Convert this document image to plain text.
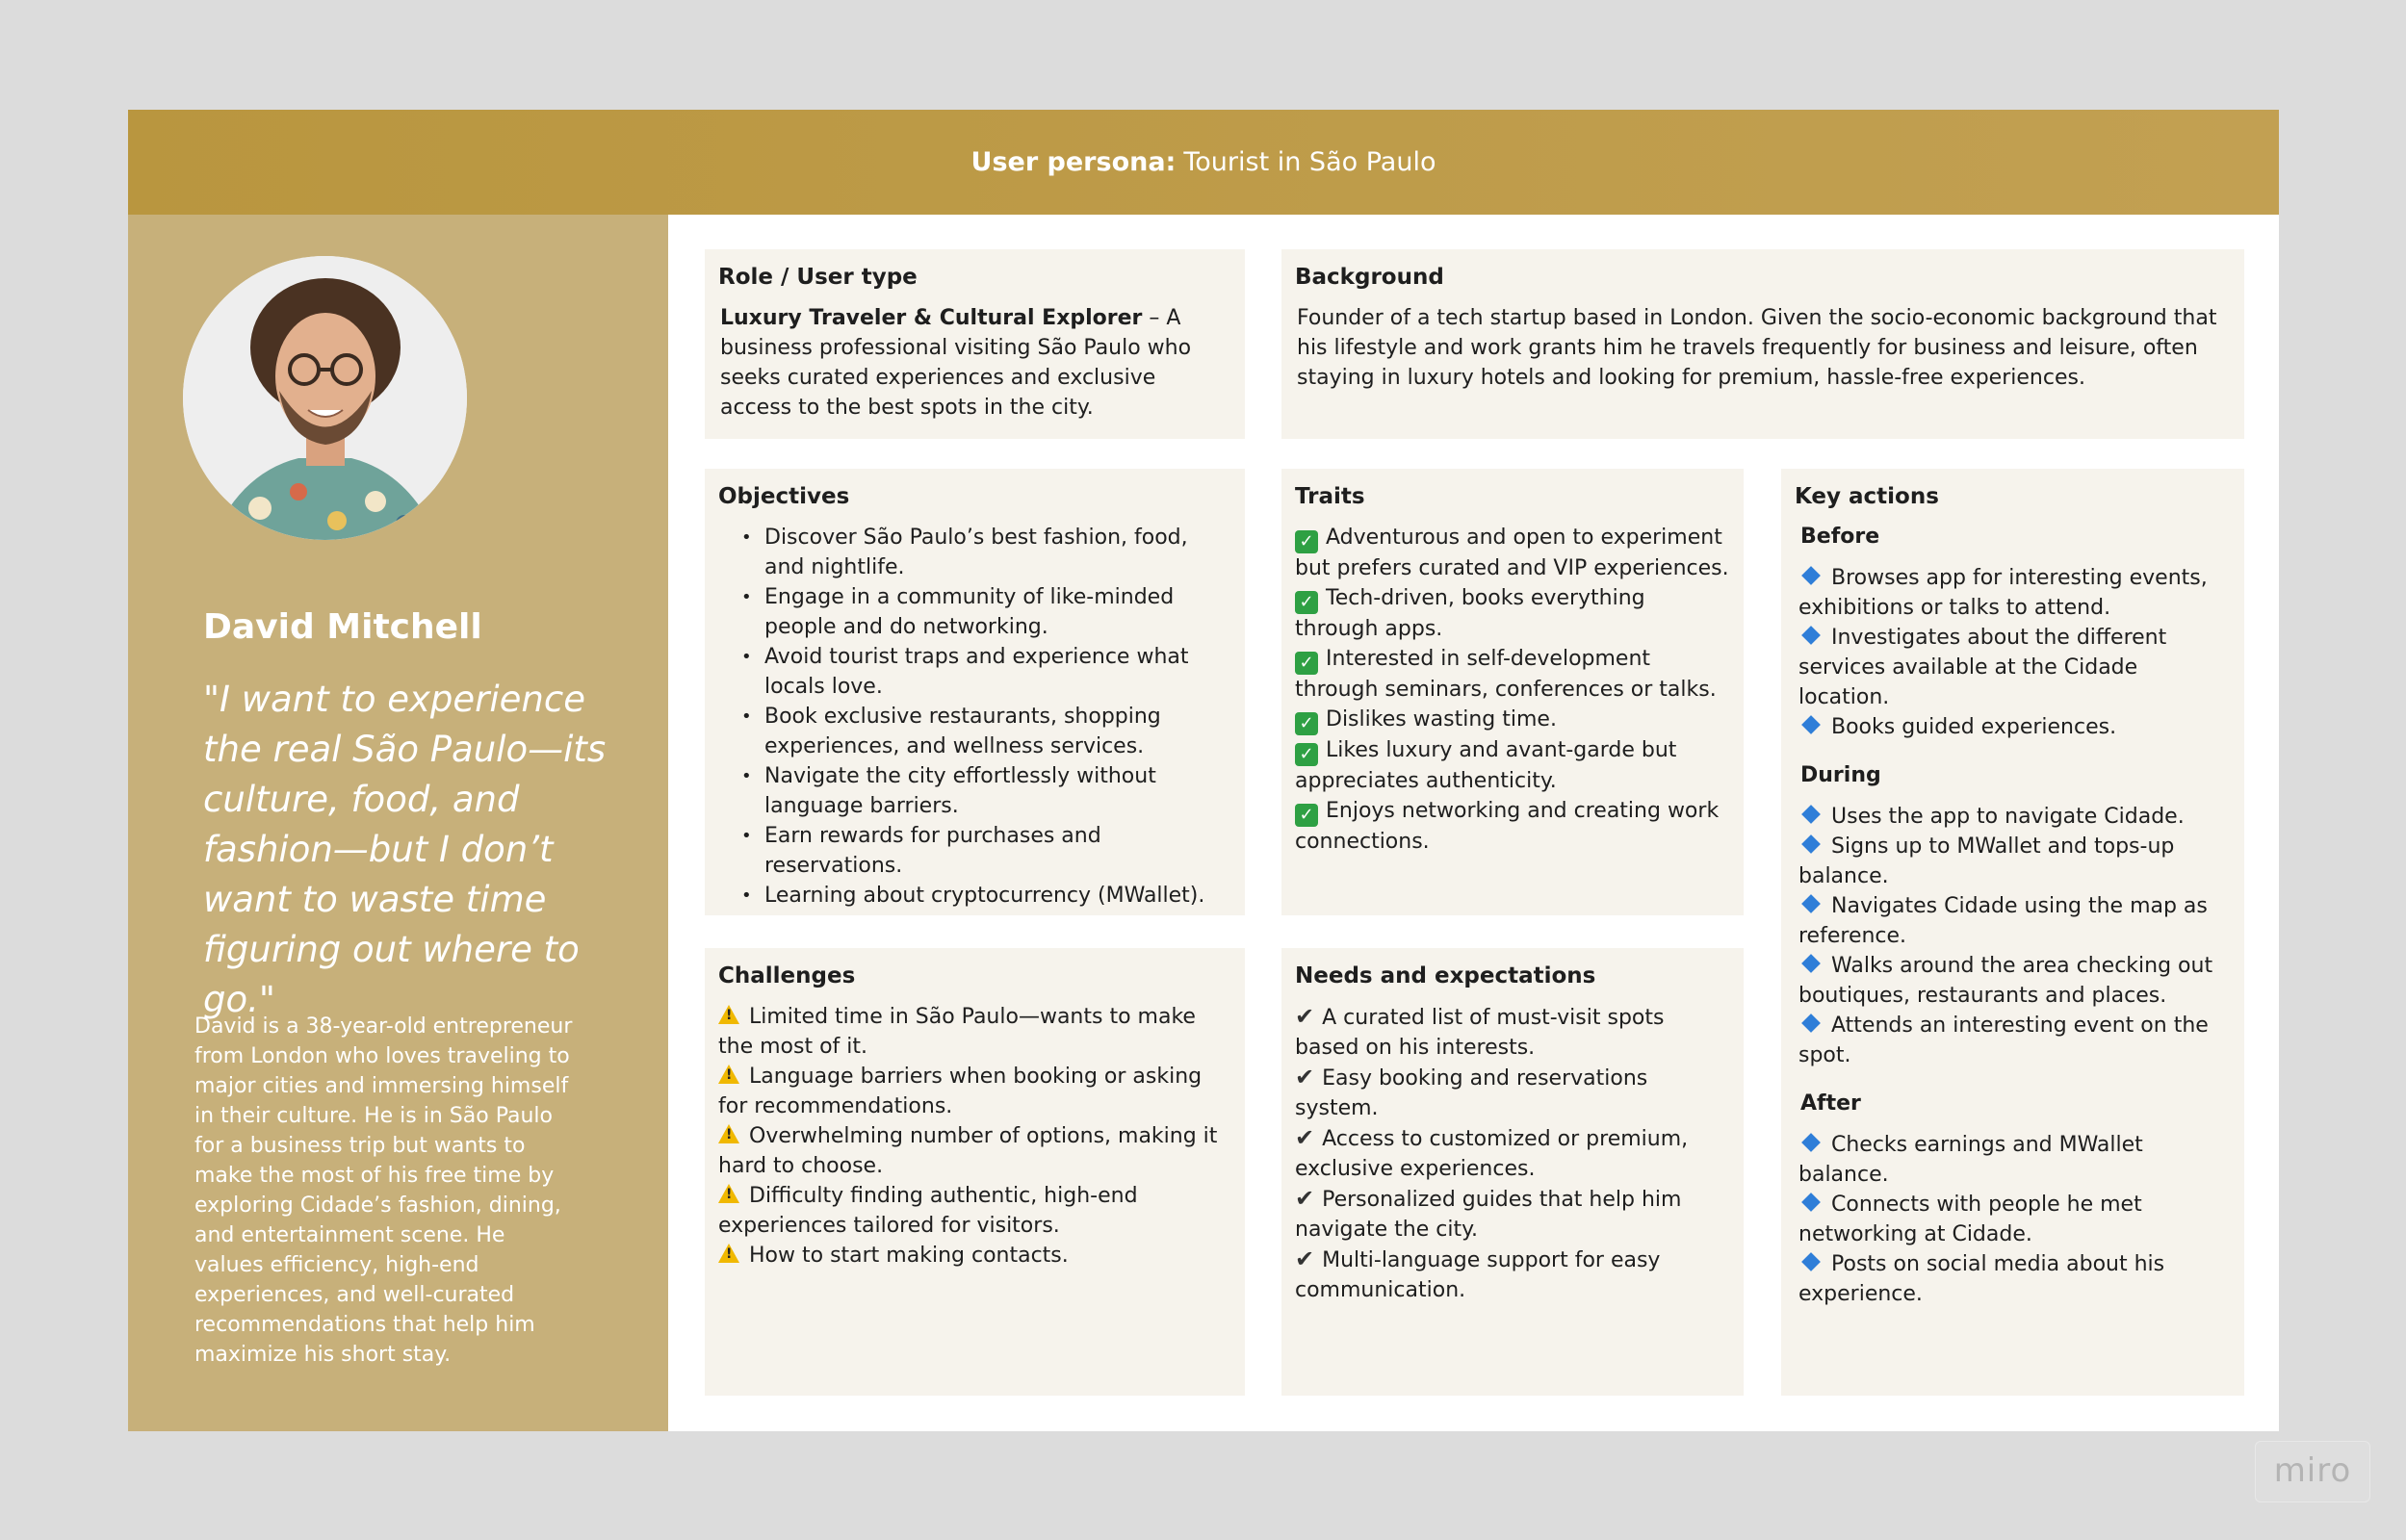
User persona: Tourist in São Paulo
David Mitchell
"I want to experience the real São Paulo—its culture, food, and fashion—but I don’t want to waste time figuring out where to go."
David is a 38-year-old entrepreneur from London who loves traveling to major cities and immersing himself in their culture. He is in São Paulo for a business trip but wants to make the most of his free time by exploring Cidade’s fashion, dining, and entertainment scene. He values efficiency, high-end experiences, and well-curated recommendations that help him maximize his short stay.
Role / User type

Luxury Traveler & Cultural Explorer – A business professional visiting São Paulo who seeks curated experiences and exclusive access to the best spots in the city.

Background

Founder of a tech startup based in London. Given the socio-economic background that his lifestyle and work grants him he travels frequently for business and leisure, often staying in luxury hotels and looking for premium, hassle-free experiences.

Objectives
• Discover São Paulo’s best fashion, food, and nightlife.
• Engage in a community of like-minded people and do networking.
• Avoid tourist traps and experience what locals love.
• Book exclusive restaurants, shopping experiences, and wellness services.
• Navigate the city effortlessly without language barriers.
• Earn rewards for purchases and reservations.
• Learning about cryptocurrency (MWallet).
Traits
✓ Adventurous and open to experiment but prefers curated and VIP experiences.
✓ Tech-driven, books everything through apps.
✓ Interested in self-development through seminars, conferences or talks.
✓ Dislikes wasting time.
✓ Likes luxury and avant-garde but appreciates authenticity.
✓ Enjoys networking and creating work connections.
Key actions
Before
Browses app for interesting events, exhibitions or talks to attend.
Investigates about the different services available at the Cidade location.
Books guided experiences.
During
Uses the app to navigate Cidade.
Signs up to MWallet and tops-up balance.
Navigates Cidade using the map as reference.
Walks around the area checking out boutiques, restaurants and places.
Attends an interesting event on the spot.
After
Checks earnings and MWallet balance.
Connects with people he met networking at Cidade.
Posts on social media about his experience.
Challenges
!Limited time in São Paulo—wants to make the most of it.
!Language barriers when booking or asking for recommendations.
!Overwhelming number of options, making it hard to choose.
!Difficulty finding authentic, high-end experiences tailored for visitors.
!How to start making contacts.
Needs and expectations
✔ A curated list of must-visit spots based on his interests.
✔ Easy booking and reservations system.
✔ Access to customized or premium, exclusive experiences.
✔ Personalized guides that help him navigate the city.
✔ Multi-language support for easy communication.
miro
